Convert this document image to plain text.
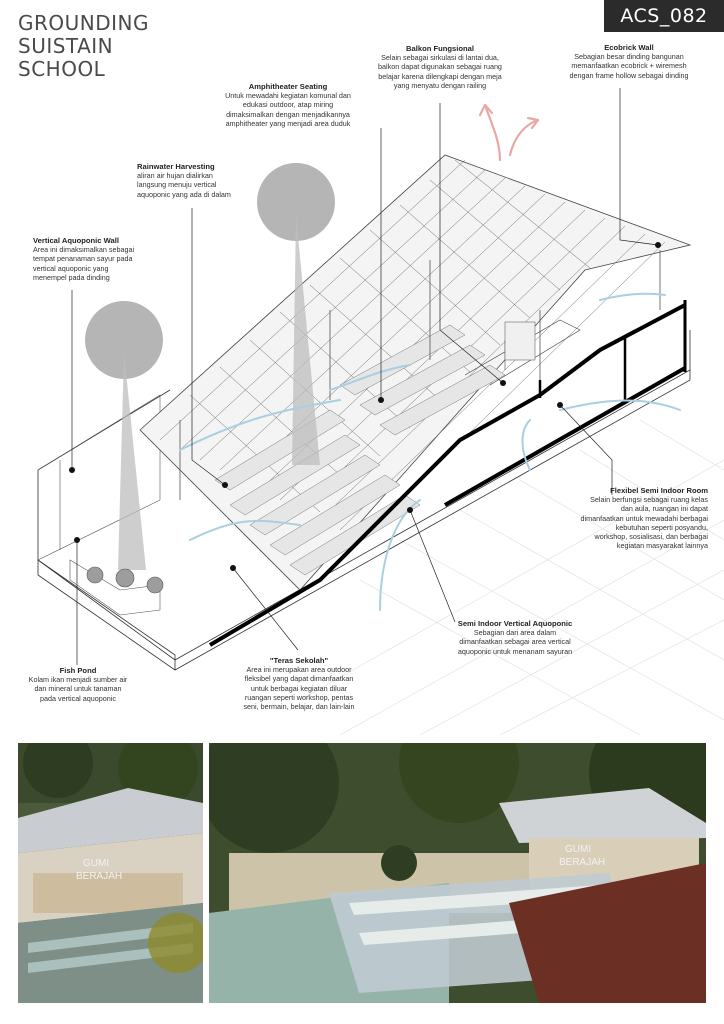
GROUNDING
SUISTAIN
SCHOOL
ACS_082
Balkon Fungsional
Selain sebagai sirkulasi di lantai dua,
balkon dapat digunakan sebagai ruang
belajar karena dilengkapi dengan meja
yang menyatu dengan railing
Ecobrick Wall
Sebagian besar dinding bangunan
memanfaatkan ecobrick + wiremesh
dengan frame hollow sebagai dinding
Amphitheater Seating
Untuk mewadahi kegiatan komunal dan
edukasi outdoor, atap miring
dimaksimalkan dengan menjadikannya
amphitheater yang menjadi area duduk
Rainwater Harvesting
aliran air hujan dialirkan
langsung menuju vertical
aquoponic yang ada di dalam
Vertical Aquoponic Wall
Area ini dimaksimalkan sebagai
tempat penanaman sayur pada
vertical aquoponic yang
menempel pada dinding
Flexibel Semi Indoor Room
Selain berfungsi sebagai ruang kelas
dan aula, ruangan ini dapat
dimanfaatkan untuk mewadahi berbagai
kebutuhan seperti posyandu,
workshop, sosialisasi, dan berbagai
kegiatan masyarakat lainnya
Semi Indoor Vertical Aquoponic
Sebagian dari area dalam
dimanfaatkan sebagai area vertical
aquoponic untuk menanam sayuran
"Teras Sekolah"
Area ini merupakan area outdoor
fleksibel yang dapat dimanfaatkan
untuk berbagai kegiatan diluar
ruangan seperti workshop, pentas
seni, bermain, belajar, dan lain-lain
Fish Pond
Kolam ikan menjadi sumber air
dan mineral untuk tanaman
pada vertical aquoponic
GUMI
BERAJAH
GUMI
BERAJAH
